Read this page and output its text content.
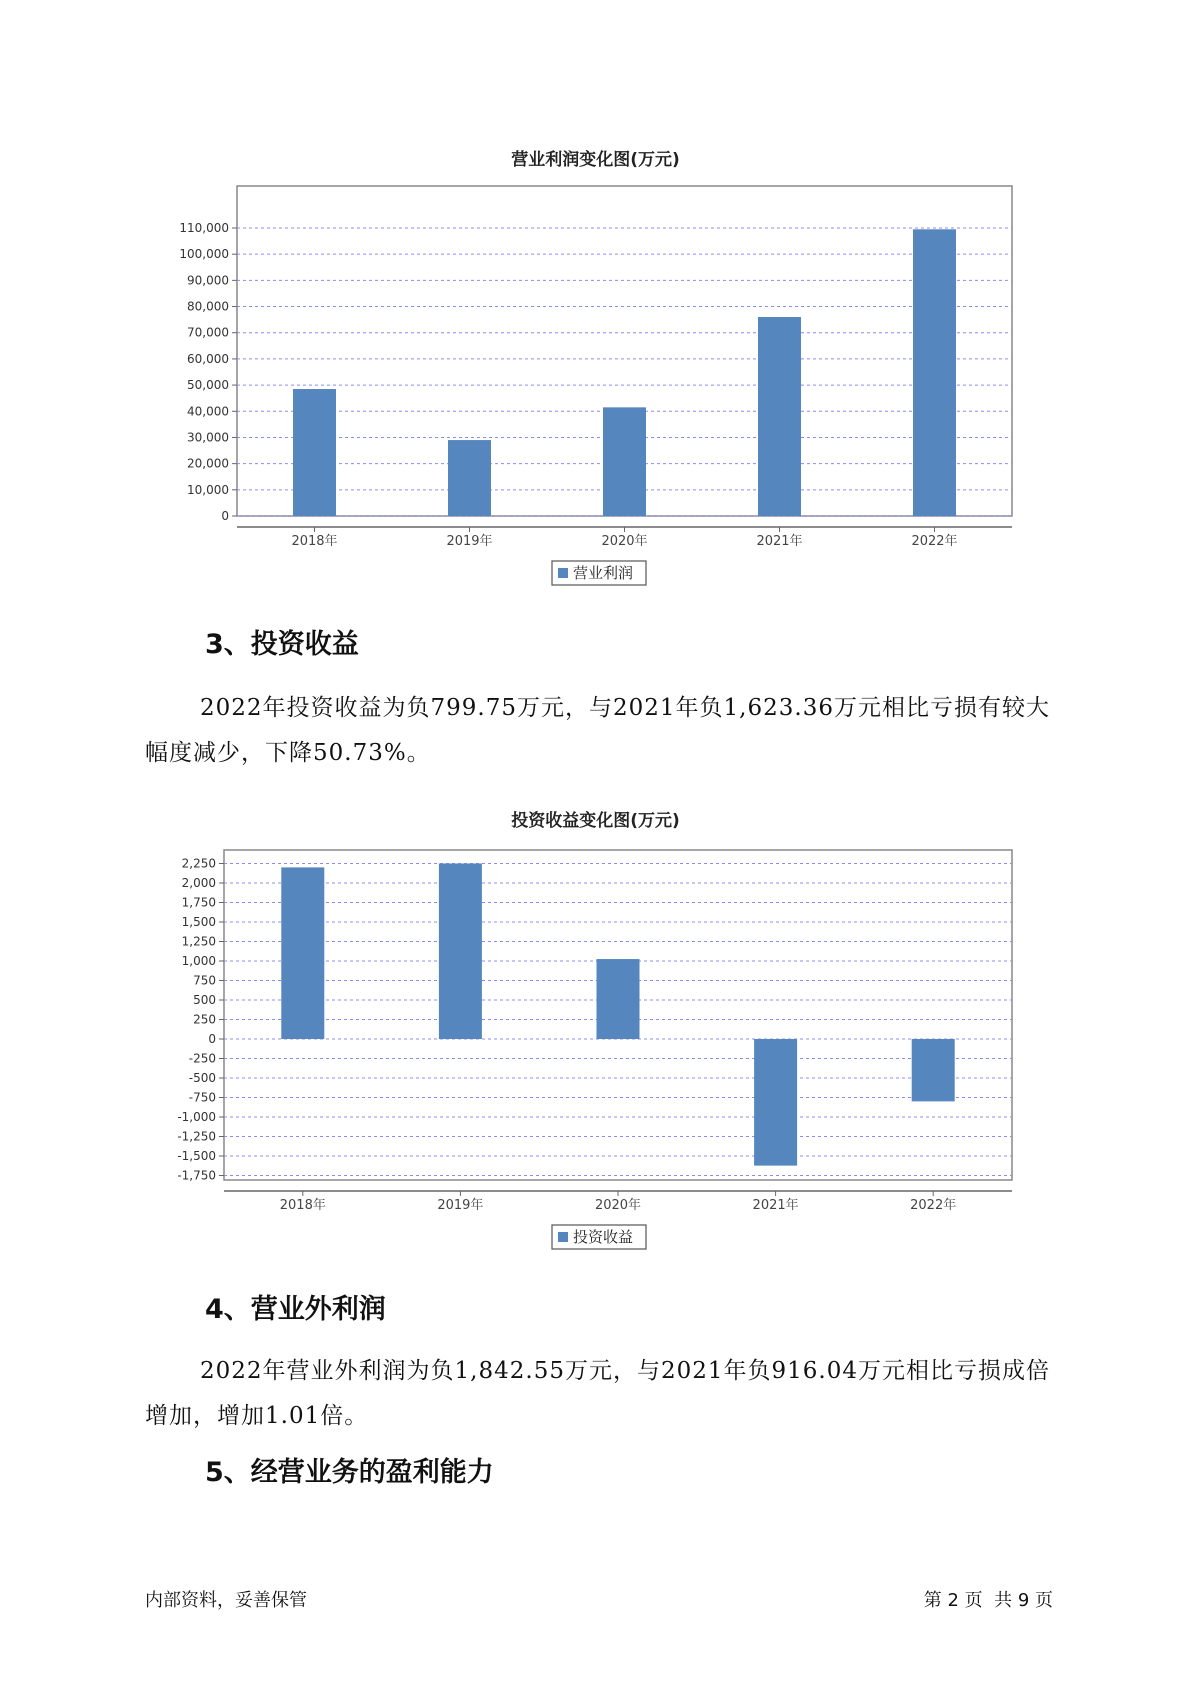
营业利润变化图(万元)
110,000
100,000
90,000
80,000
70,000
60,000
50,000
40,000
30,000
20,000
10,000
0
2018年	2019年	2020年	2021年	2022年
营业利润
3、投资收益
2022年投资收益为负799.75万元，与2021年负1,623.36万元相比亏损有较大幅度减少，下降50.73%。
投资收益变化图(万元)
2,250
2,000
1,750
1,500
1,250
1,000
750
500
250
0
-250
-500
-750
-1,000
-1,250
-1,500
-1,750
2018年	2019年	2020年	2021年	2022年
投资收益
4、营业外利润
2022年营业外利润为负1,842.55万元，与2021年负916.04万元相比亏损成倍增加，增加1.01倍。
5、经营业务的盈利能力
内部资料，妥善保管	第 2 页  共 9 页
